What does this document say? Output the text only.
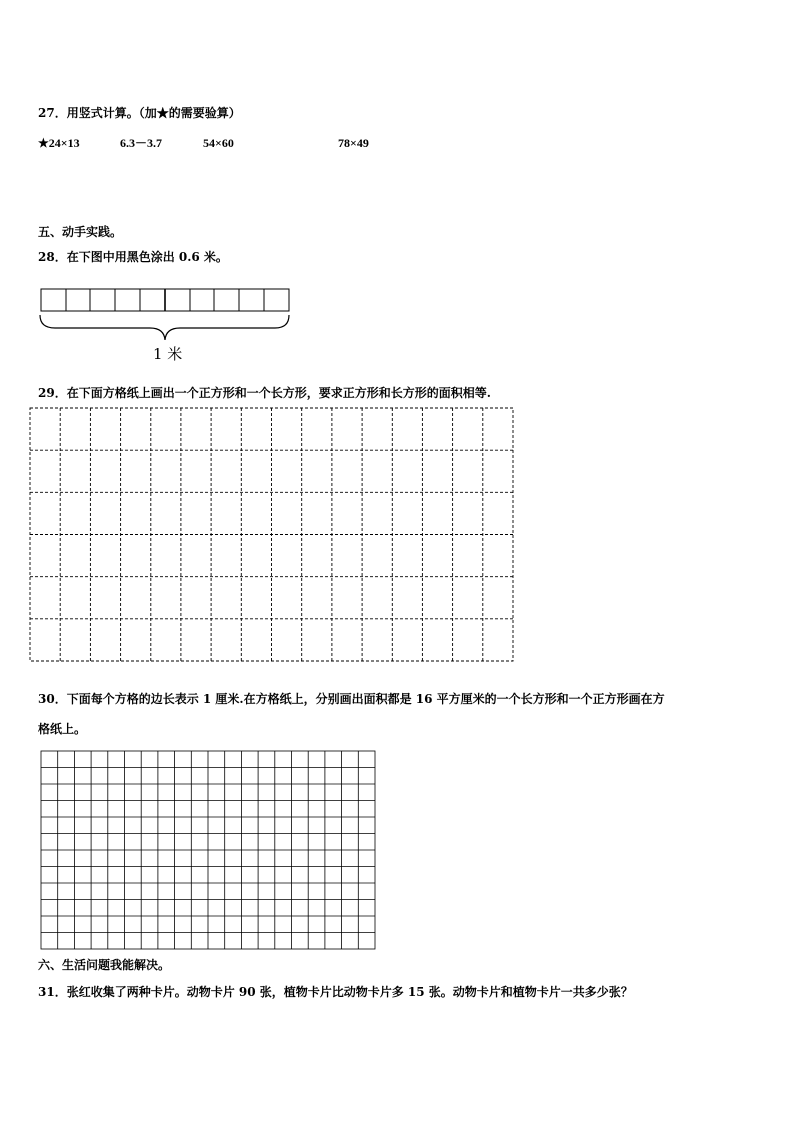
27．用竖式计算。（加★的需要验算）
★24×13	6.3－3.7	54×60	78×49
五、动手实践。
28．在下图中用黑色涂出 0.6 米。
1 米
29．在下面方格纸上画出一个正方形和一个长方形，要求正方形和长方形的面积相等.
30．下面每个方格的边长表示 1 厘米.在方格纸上，分别画出面积都是 16 平方厘米的一个长方形和一个正方形画在方
格纸上。
六、生活问题我能解决。
31．张红收集了两种卡片。动物卡片 90 张，植物卡片比动物卡片多 15 张。动物卡片和植物卡片一共多少张？
